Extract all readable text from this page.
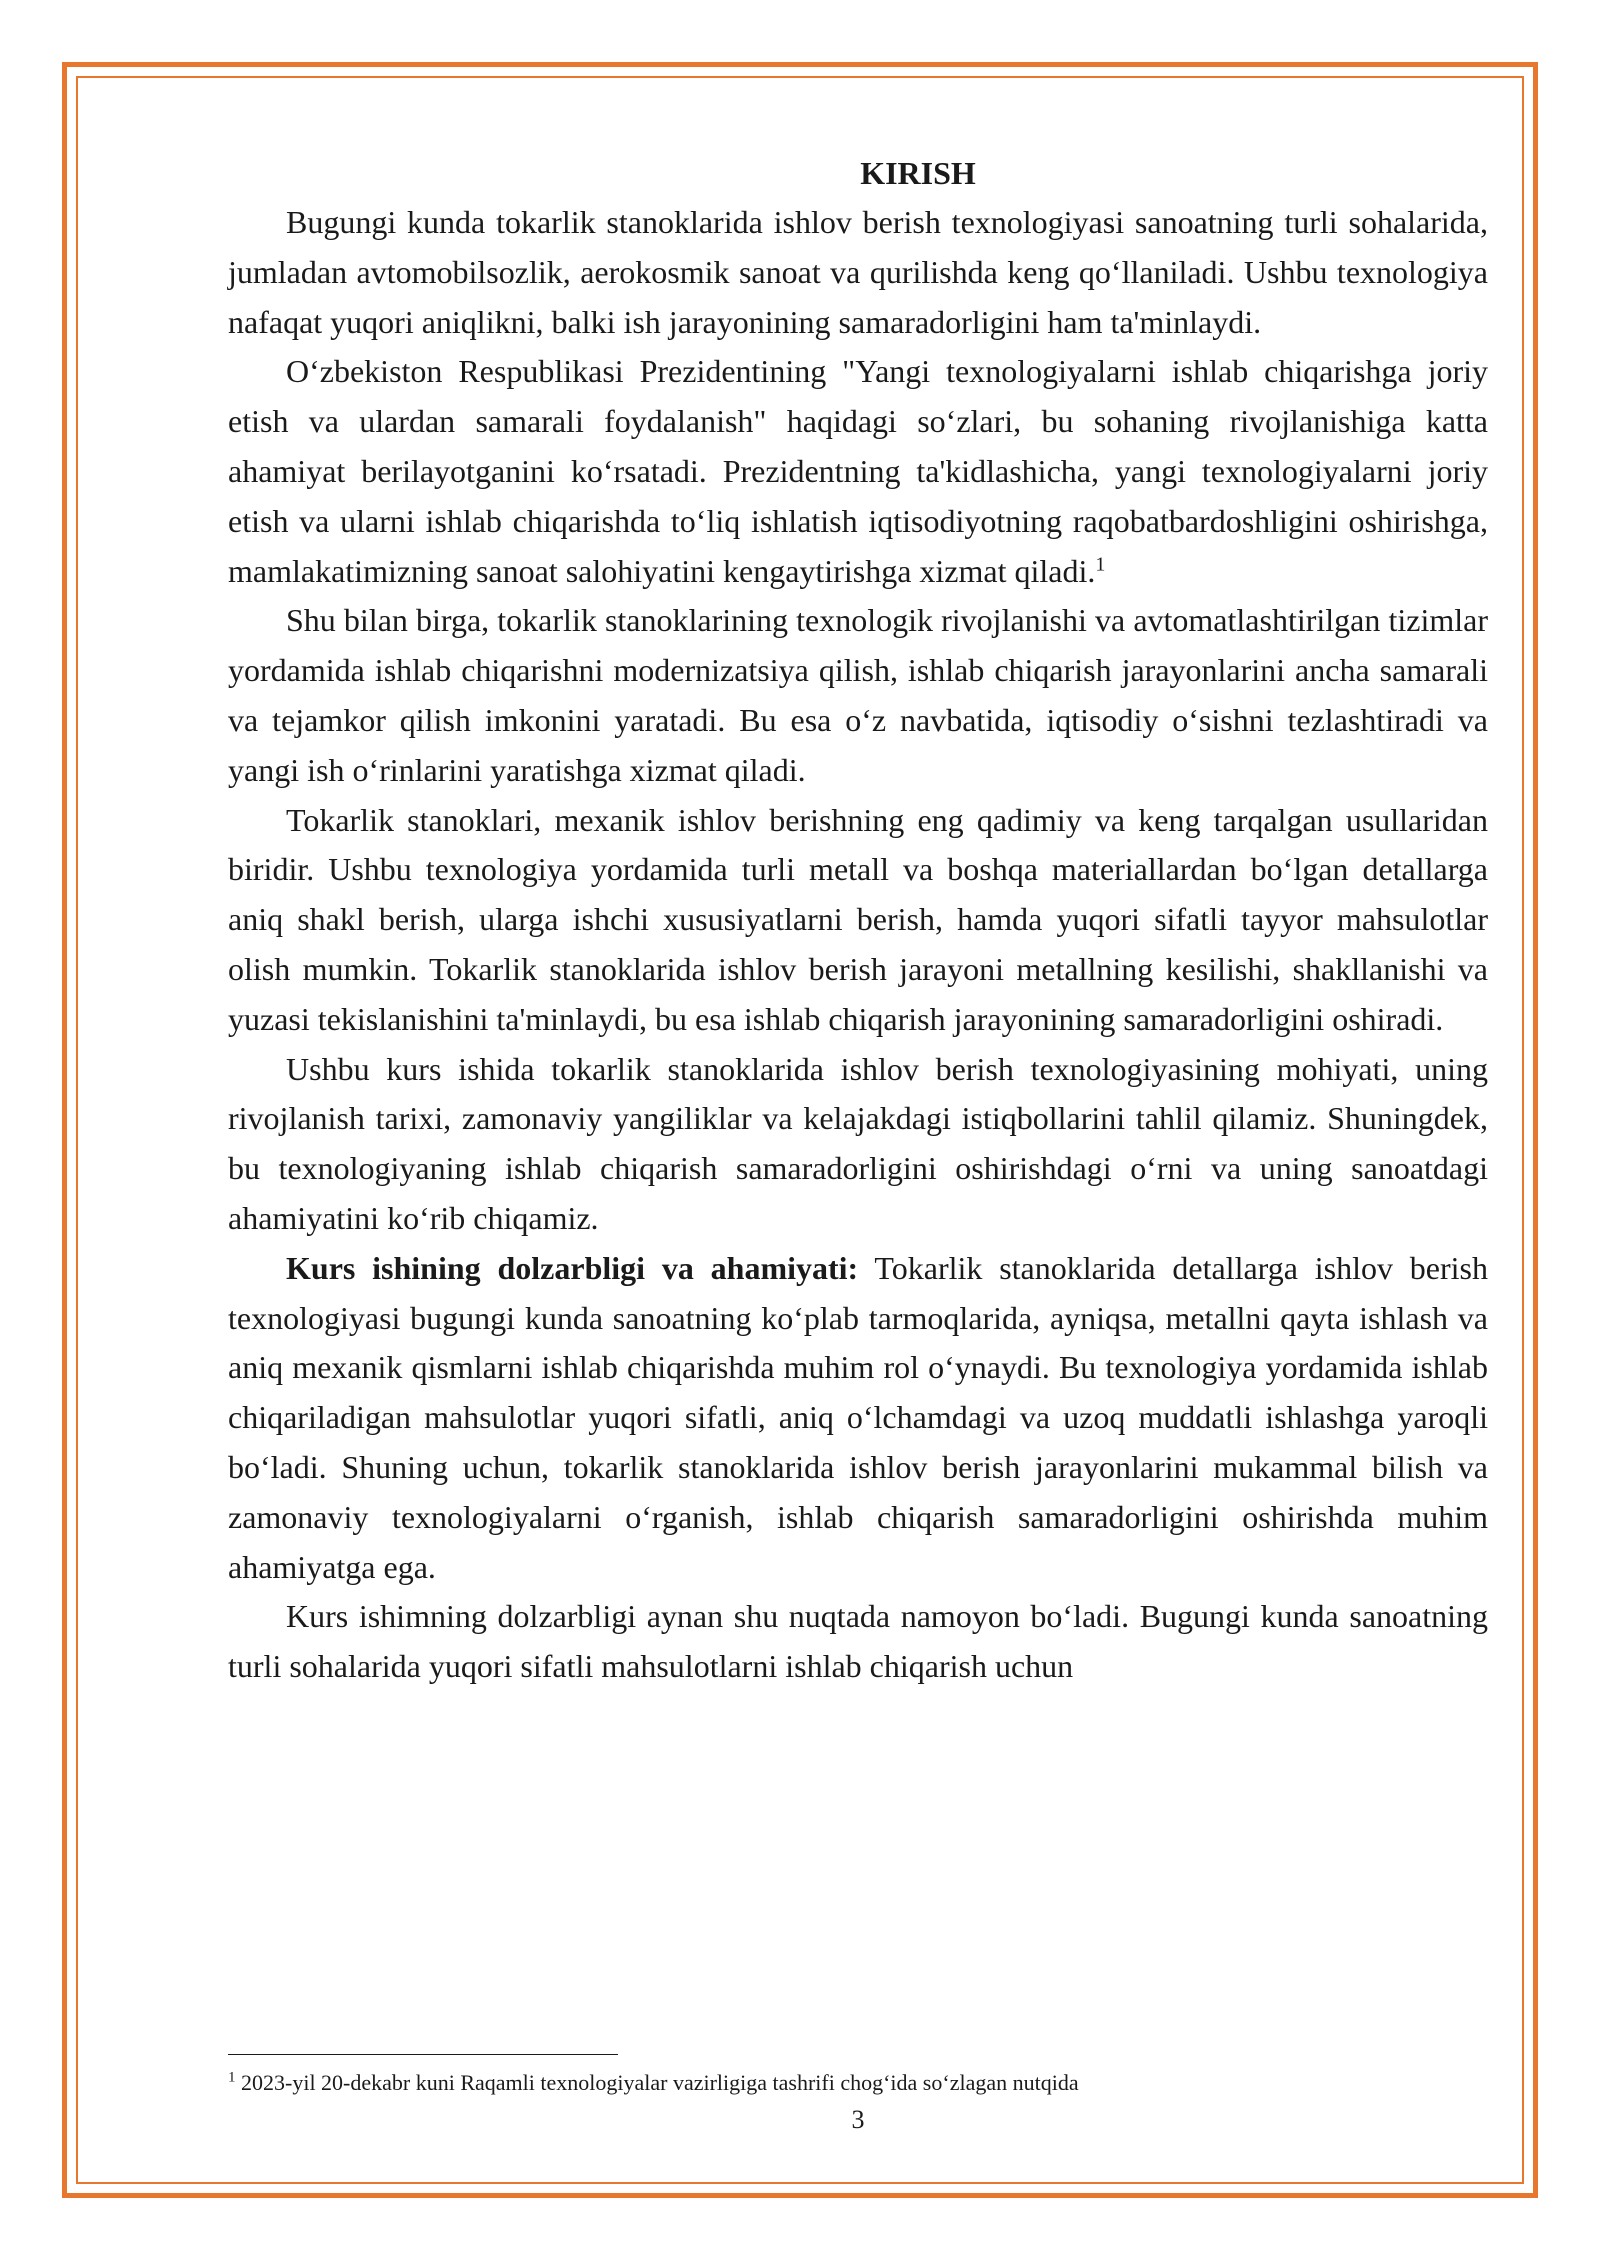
KIRISH

Bugungi kunda tokarlik stanoklarida ishlov berish texnologiyasi sanoatning turli sohalarida, jumladan avtomobilsozlik, aerokosmik sanoat va qurilishda keng qoʻllaniladi. Ushbu texnologiya nafaqat yuqori aniqlikni, balki ish jarayonining samaradorligini ham ta'minlaydi.

Oʻzbekiston Respublikasi Prezidentining "Yangi texnologiyalarni ishlab chiqarishga joriy etish va ulardan samarali foydalanish" haqidagi soʻzlari, bu sohaning rivojlanishiga katta ahamiyat berilayotganini koʻrsatadi. Prezidentning ta'kidlashicha, yangi texnologiyalarni joriy etish va ularni ishlab chiqarishda toʻliq ishlatish iqtisodiyotning raqobatbardoshligini oshirishga, mamlakatimizning sanoat salohiyatini kengaytirishga xizmat qiladi.$^1$

Shu bilan birga, tokarlik stanoklarining texnologik rivojlanishi va avtomatlashtirilgan tizimlar yordamida ishlab chiqarishni modernizatsiya qilish, ishlab chiqarish jarayonlarini ancha samarali va tejamkor qilish imkonini yaratadi. Bu esa oʻz navbatida, iqtisodiy oʻsishni tezlashtiradi va yangi ish oʻrinlarini yaratishga xizmat qiladi.

Tokarlik stanoklari, mexanik ishlov berishning eng qadimiy va keng tarqalgan usullaridan biridir. Ushbu texnologiya yordamida turli metall va boshqa materiallardan boʻlgan detallarga aniq shakl berish, ularga ishchi xususiyatlarni berish, hamda yuqori sifatli tayyor mahsulotlar olish mumkin. Tokarlik stanoklarida ishlov berish jarayoni metallning kesilishi, shakllanishi va yuzasi tekislanishini ta'minlaydi, bu esa ishlab chiqarish jarayonining samaradorligini oshiradi.

Ushbu kurs ishida tokarlik stanoklarida ishlov berish texnologiyasining mohiyati, uning rivojlanish tarixi, zamonaviy yangiliklar va kelajakdagi istiqbollarini tahlil qilamiz. Shuningdek, bu texnologiyaning ishlab chiqarish samaradorligini oshirishdagi oʻrni va uning sanoatdagi ahamiyatini koʻrib chiqamiz.

Kurs ishining dolzarbligi va ahamiyati: Tokarlik stanoklarida detallarga ishlov berish texnologiyasi bugungi kunda sanoatning koʻplab tarmoqlarida, ayniqsa, metallni qayta ishlash va aniq mexanik qismlarni ishlab chiqarishda muhim rol oʻynaydi. Bu texnologiya yordamida ishlab chiqariladigan mahsulotlar yuqori sifatli, aniq oʻlchamdagi va uzoq muddatli ishlashga yaroqli boʻladi. Shuning uchun, tokarlik stanoklarida ishlov berish jarayonlarini mukammal bilish va zamonaviy texnologiyalarni oʻrganish, ishlab chiqarish samaradorligini oshirishda muhim ahamiyatga ega.

Kurs ishimning dolzarbligi aynan shu nuqtada namoyon boʻladi. Bugungi kunda sanoatning turli sohalarida yuqori sifatli mahsulotlarni ishlab chiqarish uchun

$^1$ 2023-yil 20-dekabr kuni Raqamli texnologiyalar vazirligiga tashrifi chogʻida soʻzlagan nutqida
3
